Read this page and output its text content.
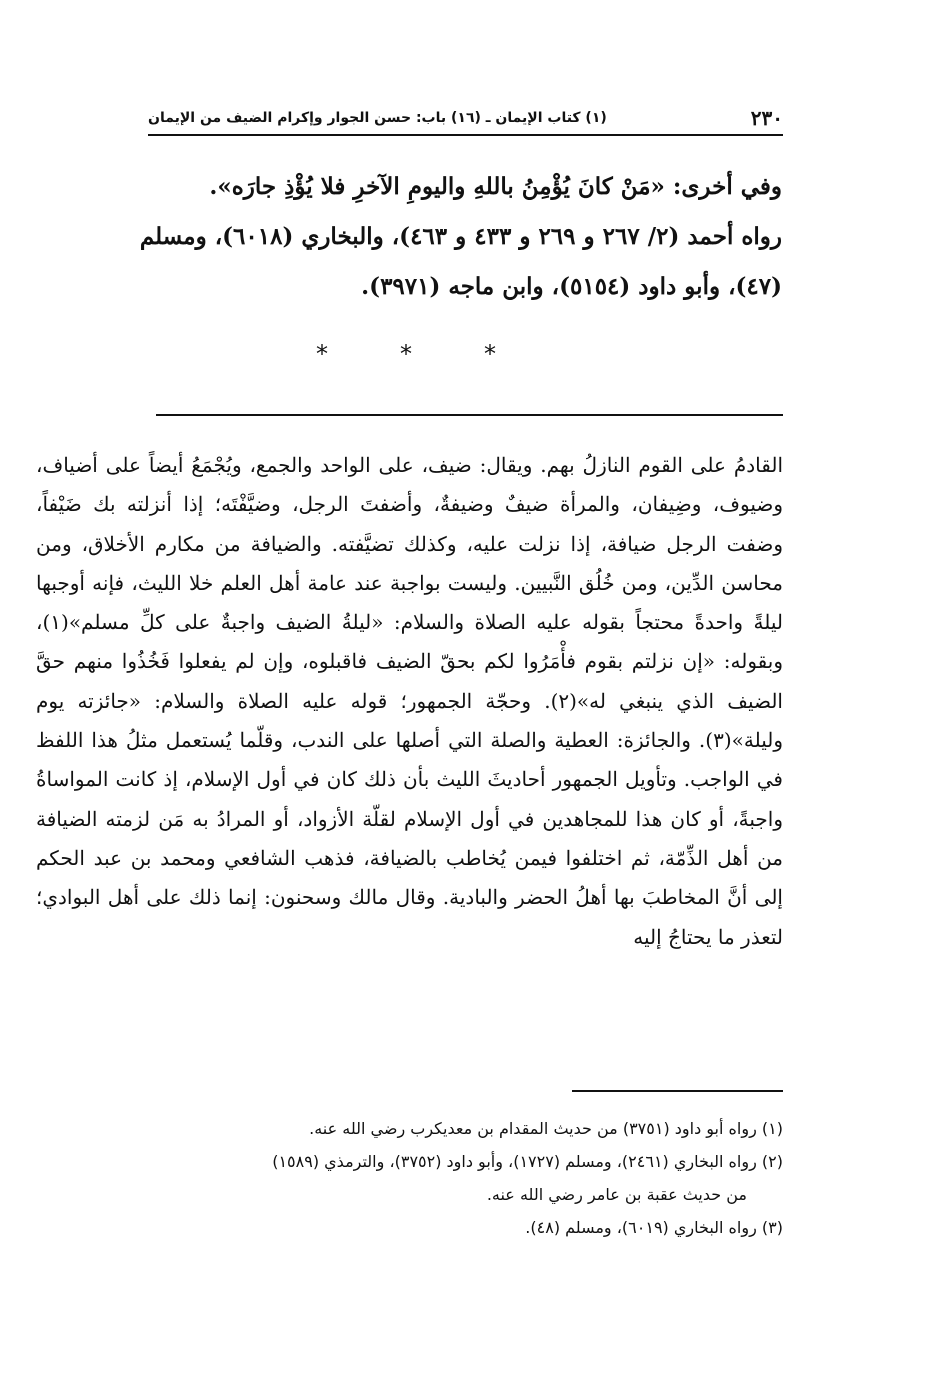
٢٣٠
(١) كتاب الإيمان ـ (١٦) باب: حسن الجوار وإكرام الضيف من الإيمان
وفي أخرى: «مَنْ كانَ يُؤْمِنُ باللهِ واليومِ الآخرِ فلا يُؤْذِ جارَه».
رواه أحمد (٢/ ٢٦٧ و ٢٦٩ و ٤٣٣ و ٤٦٣)، والبخاري (٦٠١٨)، ومسلم (٤٧)، وأبو داود (٥١٥٤)، وابن ماجه (٣٩٧١).
*	*	*

القادمُ على القوم النازلُ بهم. ويقال: ضيف، على الواحد والجمع، ويُجْمَعُ أيضاً على أضياف، وضيوف، وضِيفان، والمرأة ضيفٌ وضيفةٌ، وأضفتَ الرجل، وضيَّفْتَه؛ إذا أنزلته بك ضَيْفاً، وضفت الرجل ضيافة، إذا نزلت عليه، وكذلك تضيَّفته. والضيافة من مكارم الأخلاق، ومن محاسن الدِّين، ومن خُلُق النَّبيين. وليست بواجبة عند عامة أهل العلم خلا الليث، فإنه أوجبها ليلةً واحدةً محتجاً بقوله عليه الصلاة والسلام: «ليلةُ الضيف واجبةٌ على كلِّ مسلم»(١)، وبقوله: «إن نزلتم بقوم فأْمَرُوا لكم بحقّ الضيف فاقبلوه، وإن لم يفعلوا فَخُذُوا منهم حقَّ الضيف الذي ينبغي له»(٢). وحجّة الجمهور؛ قوله عليه الصلاة والسلام: «جائزته يوم وليلة»(٣). والجائزة: العطية والصلة التي أصلها على الندب، وقلّما يُستعمل مثلُ هذا اللفظ في الواجب. وتأويل الجمهور أحاديثَ الليث بأن ذلك كان في أول الإسلام، إذ كانت المواساةُ واجبةً، أو كان هذا للمجاهدين في أول الإسلام لقلّة الأزواد، أو المرادُ به مَن لزمته الضيافة من أهل الذِّمّة، ثم اختلفوا فيمن يُخاطب بالضيافة، فذهب الشافعي ومحمد بن عبد الحكم إلى أنَّ المخاطبَ بها أهلُ الحضر والبادية. وقال مالك وسحنون: إنما ذلك على أهل البوادي؛ لتعذر ما يحتاجُ إليه

(١) رواه أبو داود (٣٧٥١) من حديث المقدام بن معديكرب رضي الله عنه.

(٢) رواه البخاري (٢٤٦١)، ومسلم (١٧٢٧)، وأبو داود (٣٧٥٢)، والترمذي (١٥٨٩)

من حديث عقبة بن عامر رضي الله عنه.

(٣) رواه البخاري (٦٠١٩)، ومسلم (٤٨).
